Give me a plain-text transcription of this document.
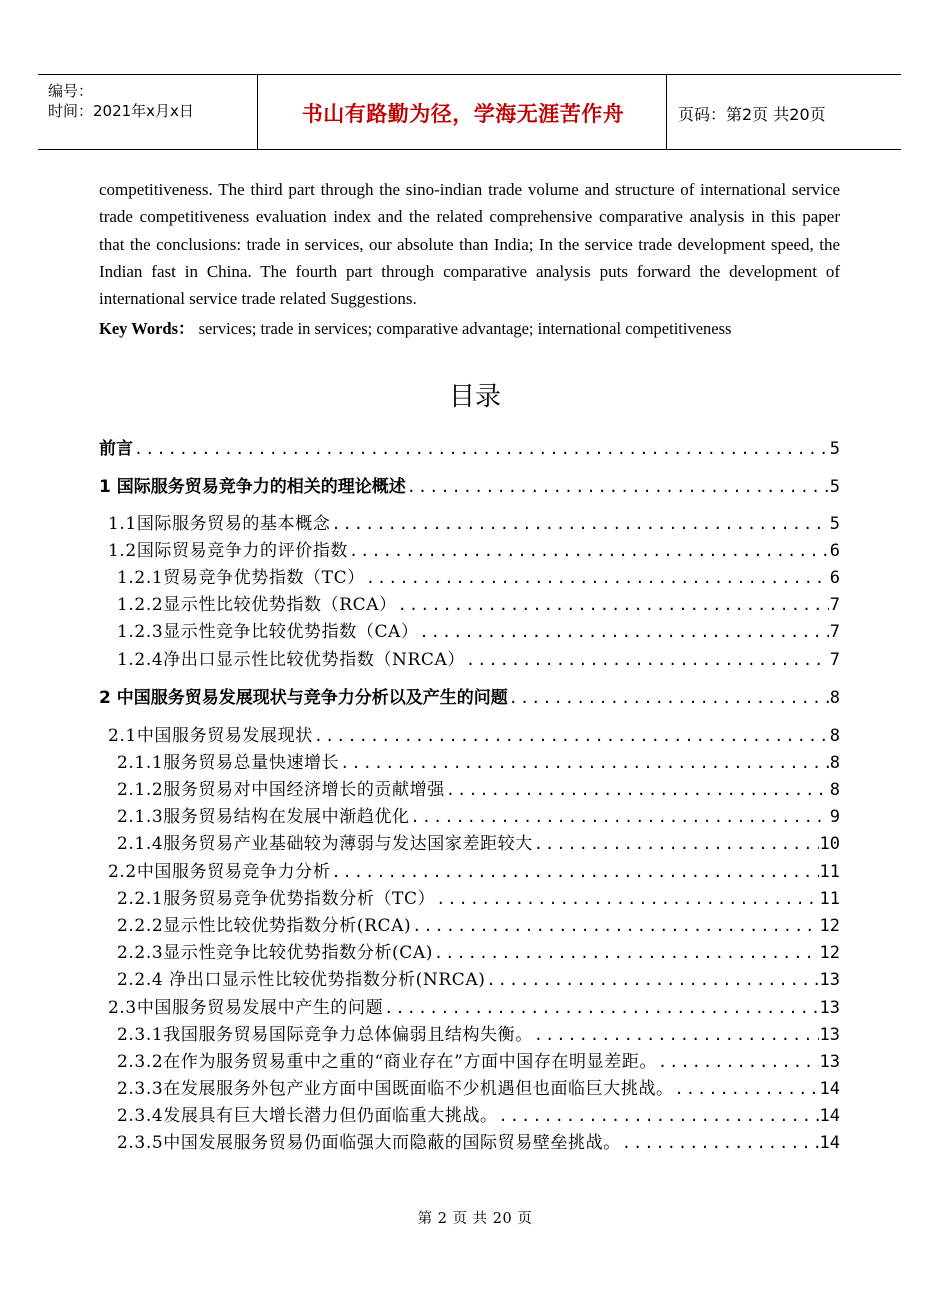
编号：
时间：2021年x月x日	书山有路勤为径，学海无涯苦作舟	页码：第2页 共20页
competitiveness. The third part through the sino-indian trade volume and structure of international service trade competitiveness evaluation index and the related comprehensive comparative analysis in this paper that the conclusions: trade in services, our absolute than India; In the service trade development speed, the Indian fast in China. The fourth part through comparative analysis puts forward the development of international service trade related Suggestions.
Key Words： services; trade in services; comparative advantage; international competitiveness
目录
前言 .....	5
1 国际服务贸易竞争力的相关的理论概述 .....	5
1.1国际服务贸易的基本概念 .....	5
1.2国际贸易竞争力的评价指数 .....	6
1.2.1贸易竞争优势指数（TC） .....	6
1.2.2显示性比较优势指数（RCA） .....	7
1.2.3显示性竞争比较优势指数（CA） .....	7
1.2.4净出口显示性比较优势指数（NRCA） .....	7
2 中国服务贸易发展现状与竞争力分析以及产生的问题 .....	8
2.1中国服务贸易发展现状 .....	8
2.1.1服务贸易总量快速增长 .....	8
2.1.2服务贸易对中国经济增长的贡献增强 .....	8
2.1.3服务贸易结构在发展中渐趋优化 .....	9
2.1.4服务贸易产业基础较为薄弱与发达国家差距较大 .....	10
2.2中国服务贸易竞争力分析 .....	11
2.2.1服务贸易竞争优势指数分析（TC） .....	11
2.2.2显示性比较优势指数分析(RCA) .....	12
2.2.3显示性竞争比较优势指数分析(CA) .....	12
2.2.4 净出口显示性比较优势指数分析(NRCA) .....	13
2.3中国服务贸易发展中产生的问题 .....	13
2.3.1我国服务贸易国际竞争力总体偏弱且结构失衡。 .....	13
2.3.2在作为服务贸易重中之重的“商业存在”方面中国存在明显差距。 .....	13
2.3.3在发展服务外包产业方面中国既面临不少机遇但也面临巨大挑战。 .....	14
2.3.4发展具有巨大增长潜力但仍面临重大挑战。 .....	14
2.3.5中国发展服务贸易仍面临强大而隐蔽的国际贸易壁垒挑战。 .....	14
第 2 页 共 20 页
